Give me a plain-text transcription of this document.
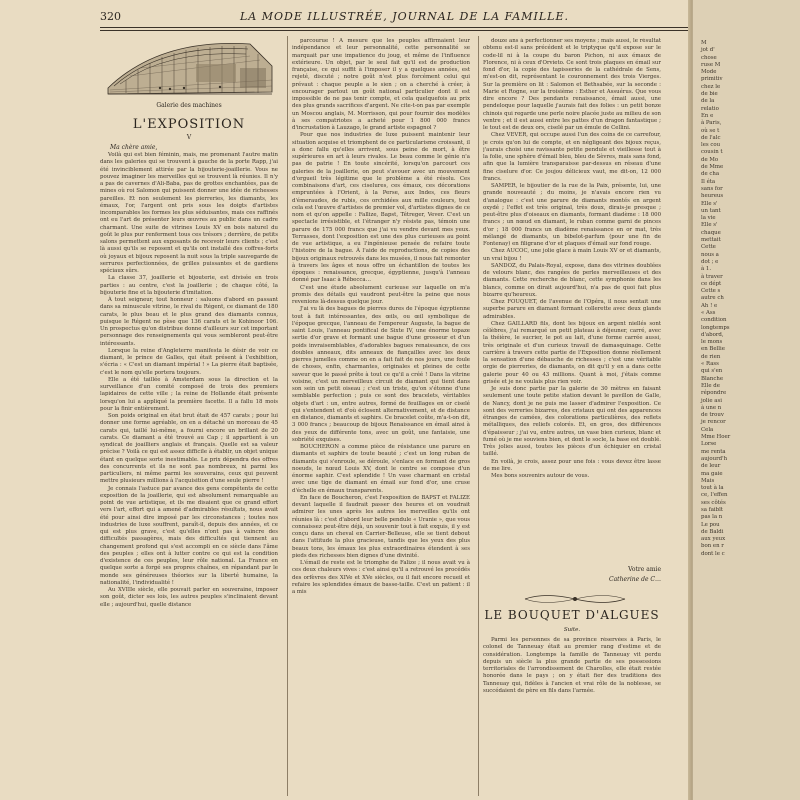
320	LA MODE ILLUSTRÉE, JOURNAL DE LA FAMILLE.
Galerie des machines
L'EXPOSITION
V
Ma chère amie,

Voilà qui est bien féminin, mais, me promenant l'autre matin dans les galeries qui se trouvent à gauche de la porte Rapp, j'ai été invinciblement attirée par la bijouterie-joaillerie. Vous ne pouvez imaginer les merveilles qui se trouvent là réunies. Il n'y a pas de cavernes d'Ali-Baba, pas de grottes enchantées, pas de mines où roi Salomon qui puissent donner une idée de richesses pareilles. Et non seulement les pierreries, les diamants, les émaux, l'or, l'argent ont pris sous les doigts d'artistes incomparables les formes les plus séduisantes, mais ces raffinés ont eu l'art de présenter leurs œuvres au public dans un cadre charmant. Une suite de vitrines Louis XV en bois naturel du goût le plus pur renferment tous ces trésors ; derrière, de petits salons permettent aux exposants de recevoir leurs clients ; c'est là aussi qu'ils se reposent et qu'ils ont installé des coffres-forts où joyaux et bijoux reposent la nuit sous la triple sauvegarde de serrures perfectionnées, de grilles puissantes et de gardiens spéciaux sûrs.

La classe 37, joaillerie et bijouterie, est divisée en trois parties : au centre, c'est la joaillerie ; de chaque côté, la bijouterie fine et la bijouterie d'imitation.

À tout seigneur, tout honneur : saluons d'abord en passant dans sa minuscule vitrine, le rival du Régent, ce diamant de 180 carats, le plus beau et le plus grand des diamants connus, puisque le Régent ne pèse que 136 carats et le Kohinoor 106. Un prospectus qu'on distribue donne d'ailleurs sur cet important personnage des renseignements qui vous sembleront peut-être intéressants.

Lorsque la reine d'Angleterre manifesta le désir de voir ce diamant, le prince de Galles, qui était présent à l'exhibition, s'écria : « C'est un diamant impérial ! » La pierre était baptisée, c'est le nom qu'elle portera toujours.

Elle a été taillée à Amsterdam sous la direction et la surveillance d'un comité composé de trois des premiers lapidaires de cette ville ; la reine de Hollande était présente lorsqu'on lui a appliqué la première facette. Il a fallu 18 mois pour la finir entièrement.

Son poids original en état brut était de 457 carats ; pour lui donner une forme agréable, on en a détaché un morceau de 45 carats qui, taillé lui-même, a fourni encore un brillant de 20 carats. Ce diamant a été trouvé au Cap ; il appartient à un syndicat de joailliers anglais et français. Quelle est sa valeur précise ? Voilà ce qui est assez difficile à établir, un objet unique étant en quelque sorte inestimable. Le prix dépendra des offres des concurrents et ils ne sont pas nombreux, ni parmi les particuliers, ni même parmi les souverains, ceux qui peuvent mettre plusieurs millions à l'acquisition d'une seule pierre !

Je connais l'astuce par avance des gens compétents de cette exposition de la joaillerie, qui est absolument remarquable au point de vue artistique, et ils me disaient que ce grand effort vers l'art, effort qui a amené d'admirables résultats, nous avait été pour ainsi dire imposé par les circonstances ; toutes nos industries de luxe souffrent, paraît-il, depuis des années, et ce qui est plus grave, c'est qu'elles n'ont pas à vaincre des difficultés passagères, mais des difficultés qui tiennent au changement profond qui s'est accompli en ce siècle dans l'âme des peuples ; elles ont à lutter contre ce qui est la condition d'existence de ces peuples, leur rôle national. La France en quelque sorte a forgé ses propres chaînes, en répandant par le monde ses généreuses théories sur la liberté humaine, la nationalité, l'individualité !

Au XVIIIe siècle, elle pouvait parler en souveraine, imposer son goût, dicter ses lois, les autres peuples s'inclinaient devant elle ; aujourd'hui, quelle distance

parcourue ! À mesure que les peuples affirmaient leur indépendance et leur personnalité, cette personnalité se marquait par une impatience du joug, et même de l'influence extérieure. Un objet, par le seul fait qu'il est de production française, ce qui suffit à l'imposer il y a quelques années, est rejeté, discuté ; notre goût n'est plus forcément celui qui prévaut : chaque peuple a le sien ; on a cherché à créer, à encourager partout un goût national particulier dont il est impossible de ne pas tenir compte, et cela quelquefois au prix des plus grands sacrifices d'argent. Ne cite-t-on pas par exemple un Moscou anglais, M. Morrisson, qui pour fournir des modèles à ses compatriotes a acheté pour 1 800 000 francs d'incrustation à Lauzago, le grand artiste espagnol ?

Pour que nos industries de luxe puissent maintenir leur situation acquise et triomphent de ce particularisme croissant, il a donc fallu qu'elles arrivent, sous peine de mort, à être supérieures en art à leurs rivales. Le beau comme le génie n'a pas de patrie ! En toute sincérité, lorsqu'on parcourt ces galeries de la joaillerie, on peut s'avouer avec un mouvement d'orgueil très légitime que le problème a été résolu. Ces combinaisons d'art, ces ciselures, ces émaux, ces décorations empruntées à l'Orient, à la Perse, aux Indes, ces fleurs d'émeraudes, de rubis, ces orchidées aux mille couleurs, tout cela est l'œuvre d'artistes de premier vol, d'artistes dignes de ce nom et qu'on appelle : Fallize, Bapst, Tétreger, Vever. C'est un spectacle irrésistible, et l'étranger n'y résiste pas, témoin une parure de 175 000 francs que j'ai vu vendre devant mes yeux. Terrasses, dont l'exposition est une des plus curieuses au point de vue artistique, a eu l'ingénieuse pensée de refaire toute l'histoire de la bague. À l'aide de reproductions, de copies des bijoux originaux retrouvés dans les musées, il nous fait remonter à travers les âges et nous offre un échantillon de toutes les époques : renaissance, grecque, égyptienne, jusqu'à l'anneau donné par Isaac à Rébecca…

C'est une étude absolument curieuse sur laquelle on m'a promis des détails qui vaudront peut-être la peine que nous revenions là-dessus quelque jour.

J'ai vu là des bagues de pierres dures de l'époque égyptienne tout à fait intéressantes, des œils, ou œil symbolique de l'époque grecque, l'anneau de l'empereur Auguste, la bague de saint Louis, l'anneau pontifical de Sixte IV, une énorme topaze sertie d'or grave et formant une bague d'une grosseur et d'un poids invraisemblables, d'adorables bagues renaissance, de ces doubles anneaux, dits anneaux de fiançailles avec les deux pierres jumelles comme on en a fait fait de nos jours, une foule de choses, enfin, charmantes, originales et pleines de cette saveur que le passé prête à tout ce qu'il a créé ! Dans la vitrine voisine, c'est un merveilleux circuit de diamant qui tient dans son sein un petit oiseau ; c'est un triste, qu'on s'étonne d'une semblable perfection ; puis ce sont des bracelets, véritables objets d'art : un, entre autres, formé de feuillages en or ciselé qui s'entendent et d'où éclosent alternativement, et de distance en distance, diamants et saphirs. Ce bracelet coûte, m'a-t-on dit, 3 000 francs ; beaucoup de bijoux Renaissance en émail ainsi à des yeux de différente tons, avec un goût, une fantaisie, une sobriété exquises.

BOUCHERON a comme pièce de résistance une parure en diamants et saphirs de toute beauté ; c'est un long ruban de diamants qui s'enroule, se déroule, s'enlace en formant de gros noeuds, le nœud Louis XV, dont le centre se compose d'un énorme saphir. C'est splendide ! Un vase charmant en cristal avec une tige de diamant en émail sur fond d'or, une cruse d'échelle en émaux transparents.

En face de Boucheron, c'est l'exposition de BAPST et FALIZE devant laquelle il faudrait passer des heures et on voudrait admirer les unes après les autres les merveilles qu'ils ont réunies là : c'est d'abord leur belle pendule « Uranie », que vous connaissez peut-être déjà, un souvenir tout à fait exquis, il y est conçu dans un cheval en Carrier-Belleuse, elle se tient debout dans l'attitude la plus gracieuse, tandis que les yeux des plus beaux tons, les émaux les plus extraordinaires étendent à ses pieds des richesses bien dignes d'une divinité.

L'émail de reste est le triomphe de Falize ; il nous avait vu à ces deux chaleurs vives : c'est ainsi qu'il a retrouvé les procédés des orfèvres des XIVe et XVe siècles, ou il fait encore recueil et refaire les splendides émaux de basse-taille. C'est un patient : il a mis

douze ans à perfectionner ses moyens ; mais aussi, le résultat obtenu est-il sans précédent et le triptyque qu'il expose sur le code-lil ni à la coupe du baron Pichon, ni aux émaux de Florence, ni à ceux d'Orvieto. Ce sont trois plaques en émail sur fond d'or, la copie des tapisseries de la cathédrale de Sens, m'est-on dit, représentant le couronnement des trois Vierges. Sur la première on lit : Salomon et Bethsabée, sur la seconde : Marie et Rogne, sur la troisième : Esther et Assuérus. Que vous dire encore ? Des pendants renaissance, émail aussi, une pendeloque pour laquelle j'aurais fait des folies : un petit bonze chinois qui regarde une perle noire placée juste au milieu de son ventre ; et il est aussi entre les pattes d'un dragon fantastique ; le tout est de deux ors, ciselé par un émule de Cellini.

Chez VEVER, qui occupe aussi l'un des coins de ce carrefour, je crois qu'on lui de compte, et en négligeant des bijoux reçus, j'aurais choisi une ravissante petite pendule et vieillesse tout à la folie, une sphère d'émail bleu, bleu de Sèvres, mais sans fond, afin que la lumière transparaisse par-dessus en réseau d'une fine ciselure d'or. Ce joujou délicieux vaut, me dit-on, 12 000 francs.

SAMPER, le bijoutier de la rue de la Paix, présente, lui, une grande nouveauté ; du moins, je n'avais encore rien vu d'analogue : c'est une parure de diamants montés en argent oxydé ; l'effet est très original, très doux, dirais-je presque ; peut-être plus d'oiseaux en diamants, formant diadème : 18 000 francs ; un nœud en diamant, le ruban comme garni de pinces d'or ; 18 000 francs un diadème renaissance en or mat, très mélangé de diamants, un bibelot-parfum (pour une fin de Fontenay) en filigrane d'or et plaques d'émail sur fond rouge.

Chez AUCOC, une jolie glace à main Louis XV or et diamants, un vrai bijou !

SANDOZ, du Palais-Royal, expose, dans des vitrines doublées de velours blanc, des rangées de perles merveilleuses et des diamants. Cette recherche de blanc, cette symphonie dans les blancs, comme on dirait aujourd'hui, n'a pas de quoi fait plus bizarre qu'heureux.

Chez FOUQUET, de l'avenue de l'Opéra, il nous sentait une superbe parure en diamant formant collerette avec deux glands admirables.

Chez GAILLARD fils, dont les bijoux en argent niellés sont célèbres, j'ai remarqué un petit plateau à déjeuner, carré, avec la théière, le sucrier, le pot au lait, d'une forme carrée aussi, très originale et d'un curieux travail de damasquinage. Cette carrière à travers cette partie de l'Exposition donne réellement la sensation d'une débauche de richesses ; c'est une véritable orgie de pierreries, de diamants, on dit qu'il y en a dans cette galerie pour 40 ou 43 millions. Quant à moi, j'étais comme grisée et je ne voulais plus rien voir.

Je suis donc partie par la galerie de 30 mètres en faisant seulement une toute petite station devant le pavillon de Galle, de Nancy, dont je ne puis me lasser d'admirer l'exposition. Ce sont des verreries bizarres, des cristaux qui ont des apparences étranges de camées, des colorations particulières, des reflets métalliques, des reliefs colorés. Et, en gros, des différences d'épaisseur ; j'ai vu, entre autres, un vase bien curieux, blanc et fumé où je me souviens bien, et dont le socle, la base est doublé. Très jolies aussi, toutes les pièces d'un échiquier en cristal taillé.

En voilà, je crois, assez pour une fois : vous devez être lasse de me lire.

Mes bons souvenirs autour de vous.

Votre amie
Catherine de C…
LE BOUQUET D'ALGUES
Suite.

Parmi les personnes de sa province réservées à Paris, le colonel de Tanneuay était au premier rang d'estime et de considération. Longtemps la famille de Tanneuay vit perdu depuis un siècle la plus grande partie de ses possessions territoriales de l'arrondissement de Charolles, elle était restée honorée dans le pays ; on y était fier des traditions des Tanneuay qui, fidèles à l'ancien et vrai rôle de la noblesse, se succédaient de père en fils dans l'armée.

M
jot d'
chose
ruse M
Mode
primitiv
chez le
de bie
de la
relatio
En e
à Paris,
où se t
de l'alc
les cou
cousin t
de Mo
de Mme
de cha
Il éta
sans for
heureus
Elle s'
un tant
la vie
Elle s'
chaque
mettait
Cette
nous a
dot ; e
à 1.
à traver
ce dépt
Cette s
autre ch
Ah ! e
« Ass
condition
longtemps
d'abord,
le mons
en Bellie
de rien
« Rass
qui s'en
Blanche
Elle de
répondre
jolie asi
à une n
de trouv
je rencor
Cela
Mme Hoer
Lorse
me renta
aujourd'h
de leur
ma gaie
Mais
tout à la
ce, l'effen
ses côtés
sa faiblt
pas la n
Le pou
de Baldi
aux yeux
bon en r
dont le c
